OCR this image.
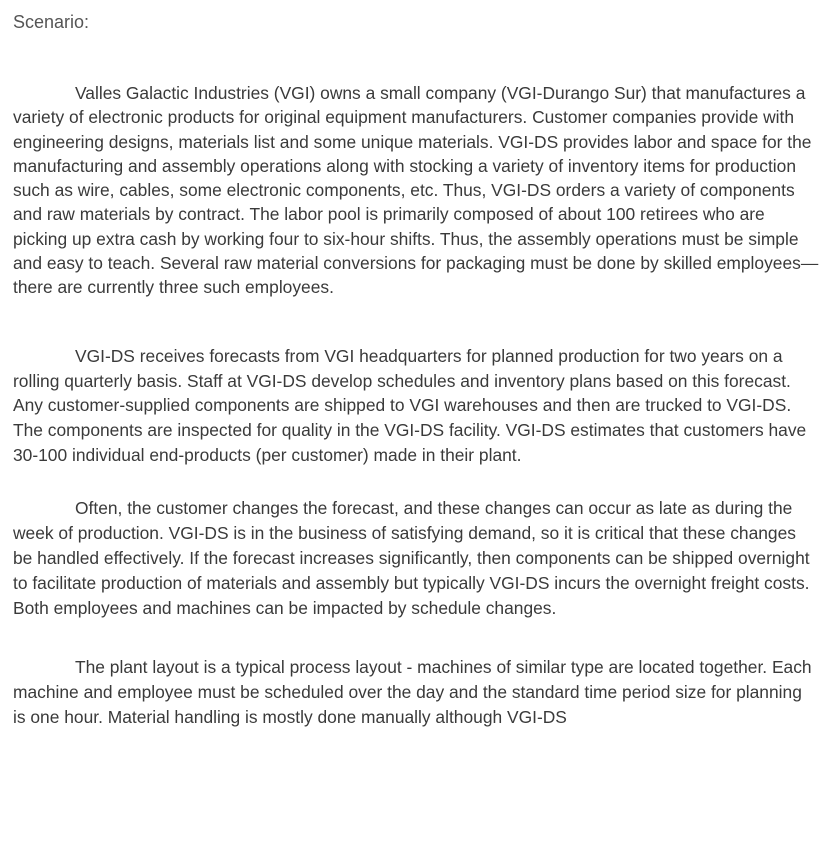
Scenario:

Valles Galactic Industries (VGI) owns a small company (VGI-Durango Sur) that manufactures a variety of electronic products for original equipment manufacturers. Customer companies provide with engineering designs, materials list and some unique materials. VGI-DS provides labor and space for the manufacturing and assembly operations along with stocking a variety of inventory items for production such as wire, cables, some electronic components, etc. Thus, VGI-DS orders a variety of components and raw materials by contract. The labor pool is primarily composed of about 100 retirees who are picking up extra cash by working four to six-hour shifts. Thus, the assembly operations must be simple and easy to teach. Several raw material conversions for packaging must be done by skilled employees—there are currently three such employees.

VGI-DS receives forecasts from VGI headquarters for planned production for two years on a rolling quarterly basis. Staff at VGI-DS develop schedules and inventory plans based on this forecast. Any customer-supplied components are shipped to VGI warehouses and then are trucked to VGI-DS. The components are inspected for quality in the VGI-DS facility. VGI-DS estimates that customers have 30-100 individual end-products (per customer) made in their plant.

Often, the customer changes the forecast, and these changes can occur as late as during the week of production. VGI-DS is in the business of satisfying demand, so it is critical that these changes be handled effectively. If the forecast increases significantly, then components can be shipped overnight to facilitate production of materials and assembly but typically VGI-DS incurs the overnight freight costs. Both employees and machines can be impacted by schedule changes.

The plant layout is a typical process layout - machines of similar type are located together. Each machine and employee must be scheduled over the day and the standard time period size for planning is one hour. Material handling is mostly done manually although VGI-DS
